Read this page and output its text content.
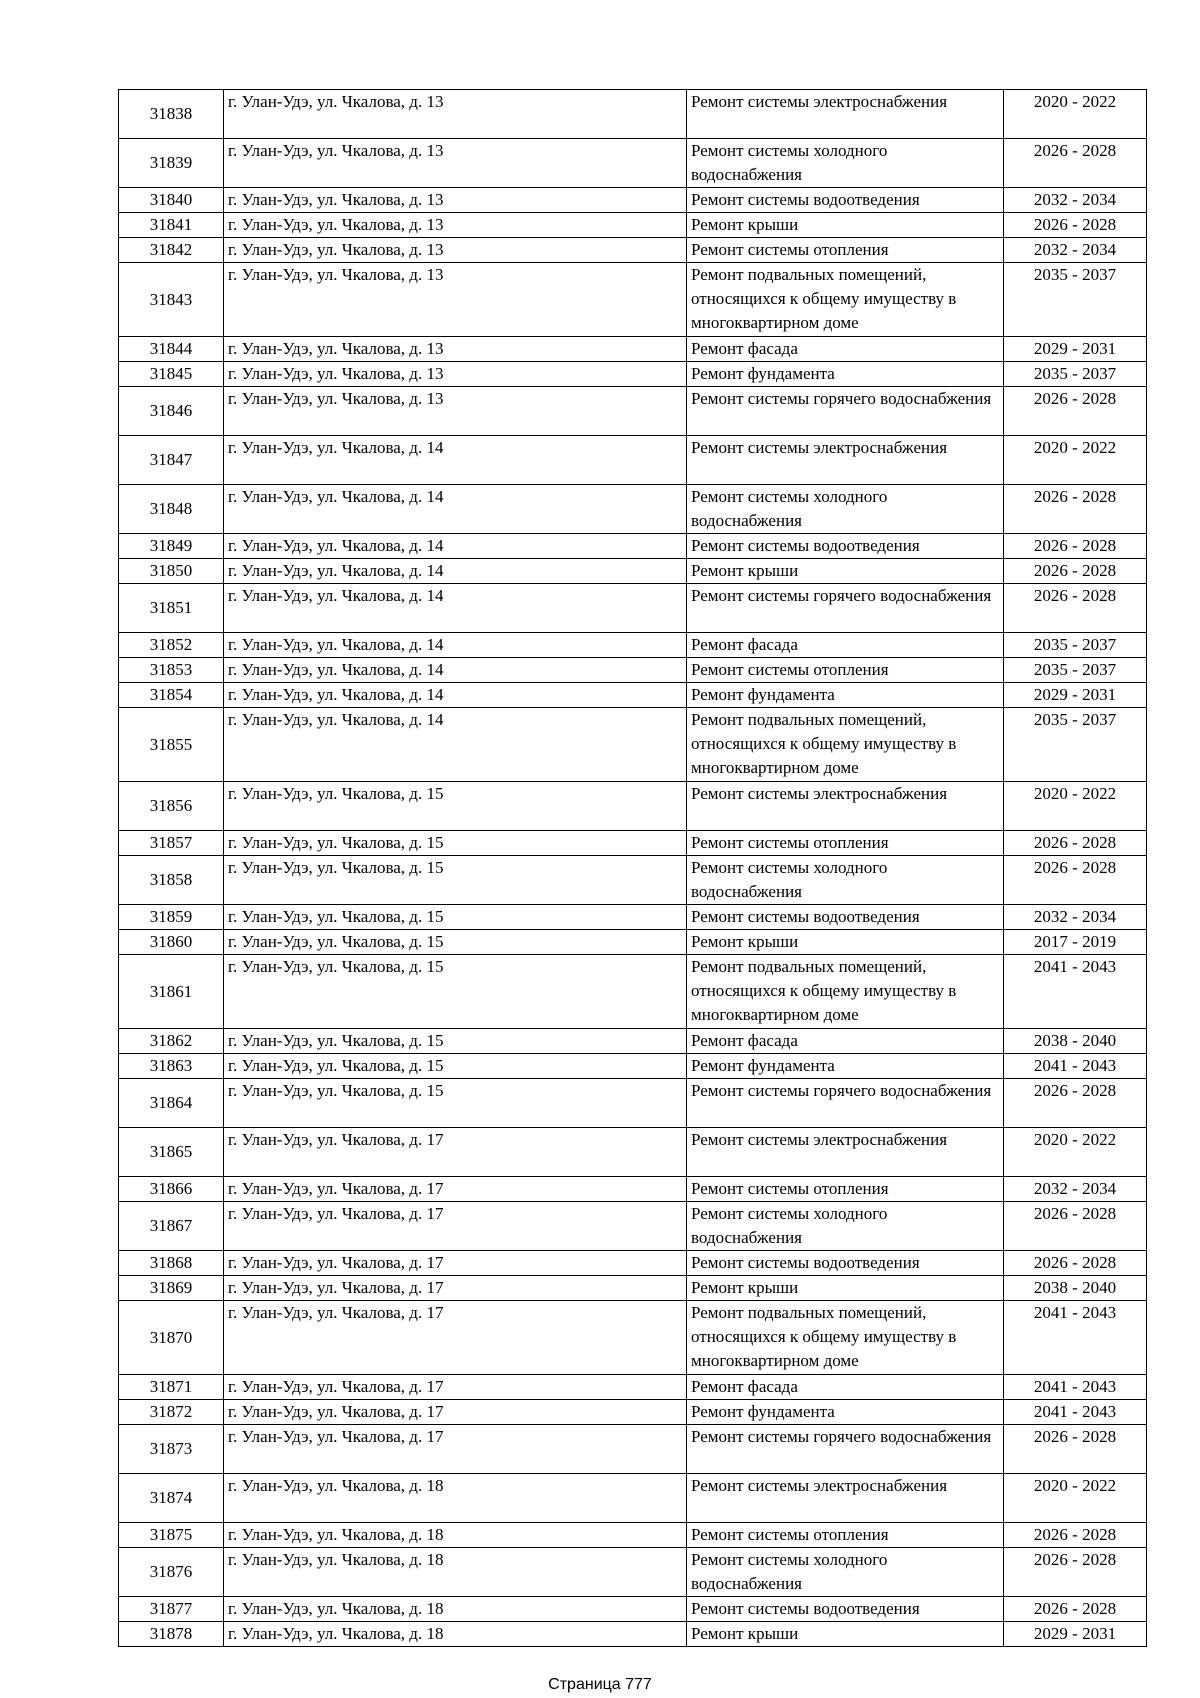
31838	г. Улан-Удэ, ул. Чкалова, д. 13	Ремонт системы электроснабжения	2020 - 2022
31839	г. Улан-Удэ, ул. Чкалова, д. 13	Ремонт системы холодного водоснабжения	2026 - 2028
31840	г. Улан-Удэ, ул. Чкалова, д. 13	Ремонт системы водоотведения	2032 - 2034
31841	г. Улан-Удэ, ул. Чкалова, д. 13	Ремонт крыши	2026 - 2028
31842	г. Улан-Удэ, ул. Чкалова, д. 13	Ремонт системы отопления	2032 - 2034
31843	г. Улан-Удэ, ул. Чкалова, д. 13	Ремонт подвальных помещений, относящихся к общему имуществу в многоквартирном доме	2035 - 2037
31844	г. Улан-Удэ, ул. Чкалова, д. 13	Ремонт фасада	2029 - 2031
31845	г. Улан-Удэ, ул. Чкалова, д. 13	Ремонт фундамента	2035 - 2037
31846	г. Улан-Удэ, ул. Чкалова, д. 13	Ремонт системы горячего водоснабжения	2026 - 2028
31847	г. Улан-Удэ, ул. Чкалова, д. 14	Ремонт системы электроснабжения	2020 - 2022
31848	г. Улан-Удэ, ул. Чкалова, д. 14	Ремонт системы холодного водоснабжения	2026 - 2028
31849	г. Улан-Удэ, ул. Чкалова, д. 14	Ремонт системы водоотведения	2026 - 2028
31850	г. Улан-Удэ, ул. Чкалова, д. 14	Ремонт крыши	2026 - 2028
31851	г. Улан-Удэ, ул. Чкалова, д. 14	Ремонт системы горячего водоснабжения	2026 - 2028
31852	г. Улан-Удэ, ул. Чкалова, д. 14	Ремонт фасада	2035 - 2037
31853	г. Улан-Удэ, ул. Чкалова, д. 14	Ремонт системы отопления	2035 - 2037
31854	г. Улан-Удэ, ул. Чкалова, д. 14	Ремонт фундамента	2029 - 2031
31855	г. Улан-Удэ, ул. Чкалова, д. 14	Ремонт подвальных помещений, относящихся к общему имуществу в многоквартирном доме	2035 - 2037
31856	г. Улан-Удэ, ул. Чкалова, д. 15	Ремонт системы электроснабжения	2020 - 2022
31857	г. Улан-Удэ, ул. Чкалова, д. 15	Ремонт системы отопления	2026 - 2028
31858	г. Улан-Удэ, ул. Чкалова, д. 15	Ремонт системы холодного водоснабжения	2026 - 2028
31859	г. Улан-Удэ, ул. Чкалова, д. 15	Ремонт системы водоотведения	2032 - 2034
31860	г. Улан-Удэ, ул. Чкалова, д. 15	Ремонт крыши	2017 - 2019
31861	г. Улан-Удэ, ул. Чкалова, д. 15	Ремонт подвальных помещений, относящихся к общему имуществу в многоквартирном доме	2041 - 2043
31862	г. Улан-Удэ, ул. Чкалова, д. 15	Ремонт фасада	2038 - 2040
31863	г. Улан-Удэ, ул. Чкалова, д. 15	Ремонт фундамента	2041 - 2043
31864	г. Улан-Удэ, ул. Чкалова, д. 15	Ремонт системы горячего водоснабжения	2026 - 2028
31865	г. Улан-Удэ, ул. Чкалова, д. 17	Ремонт системы электроснабжения	2020 - 2022
31866	г. Улан-Удэ, ул. Чкалова, д. 17	Ремонт системы отопления	2032 - 2034
31867	г. Улан-Удэ, ул. Чкалова, д. 17	Ремонт системы холодного водоснабжения	2026 - 2028
31868	г. Улан-Удэ, ул. Чкалова, д. 17	Ремонт системы водоотведения	2026 - 2028
31869	г. Улан-Удэ, ул. Чкалова, д. 17	Ремонт крыши	2038 - 2040
31870	г. Улан-Удэ, ул. Чкалова, д. 17	Ремонт подвальных помещений, относящихся к общему имуществу в многоквартирном доме	2041 - 2043
31871	г. Улан-Удэ, ул. Чкалова, д. 17	Ремонт фасада	2041 - 2043
31872	г. Улан-Удэ, ул. Чкалова, д. 17	Ремонт фундамента	2041 - 2043
31873	г. Улан-Удэ, ул. Чкалова, д. 17	Ремонт системы горячего водоснабжения	2026 - 2028
31874	г. Улан-Удэ, ул. Чкалова, д. 18	Ремонт системы электроснабжения	2020 - 2022
31875	г. Улан-Удэ, ул. Чкалова, д. 18	Ремонт системы отопления	2026 - 2028
31876	г. Улан-Удэ, ул. Чкалова, д. 18	Ремонт системы холодного водоснабжения	2026 - 2028
31877	г. Улан-Удэ, ул. Чкалова, д. 18	Ремонт системы водоотведения	2026 - 2028
31878	г. Улан-Удэ, ул. Чкалова, д. 18	Ремонт крыши	2029 - 2031
Страница 777
